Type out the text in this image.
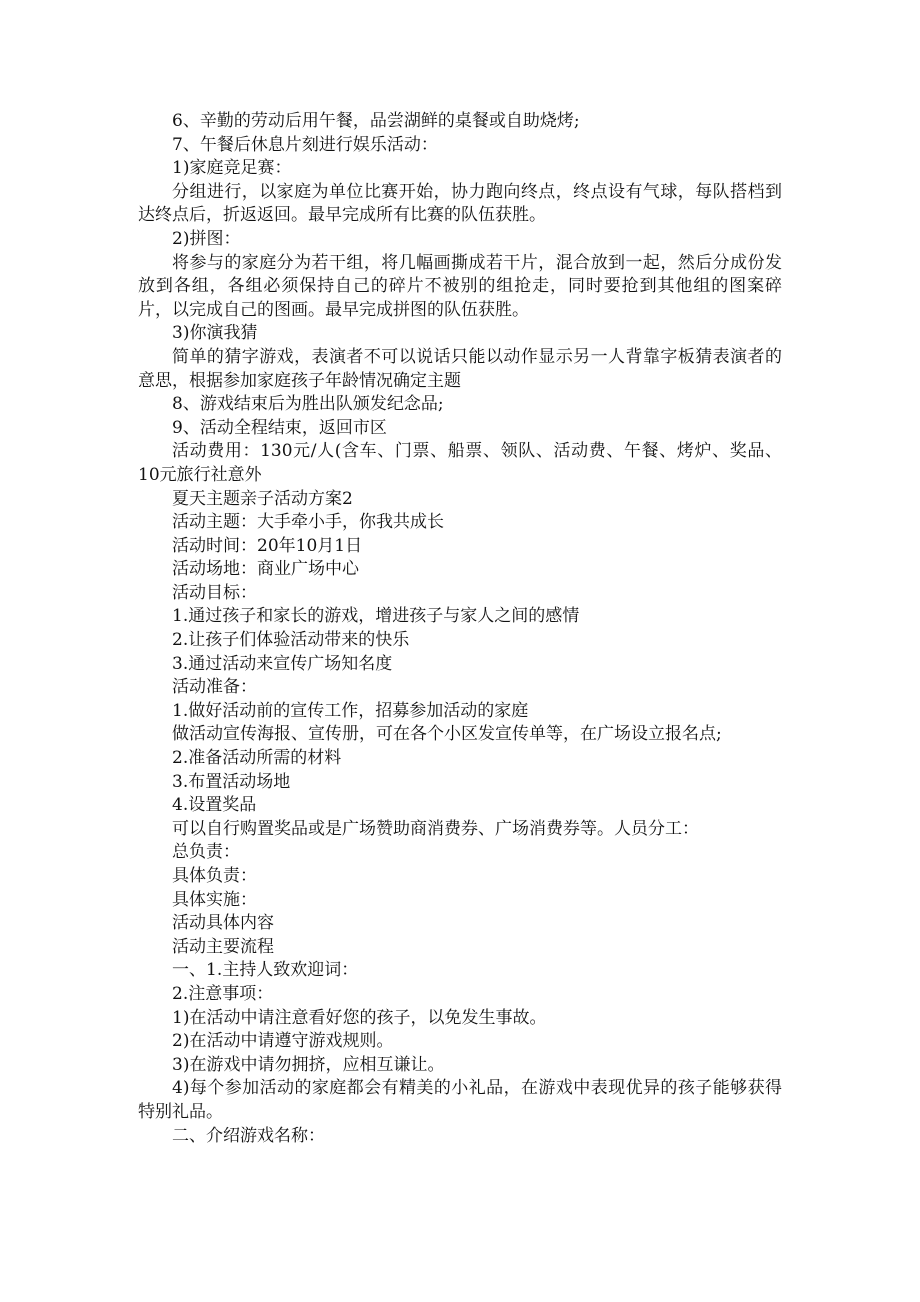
6、辛勤的劳动后用午餐，品尝湖鲜的桌餐或自助烧烤;

7、午餐后休息片刻进行娱乐活动：

1)家庭竞足赛：

分组进行，以家庭为单位比赛开始，协力跑向终点，终点设有气球，每队搭档到达终点后，折返返回。最早完成所有比赛的队伍获胜。

2)拼图：

将参与的家庭分为若干组，将几幅画撕成若干片，混合放到一起，然后分成份发放到各组，各组必须保持自己的碎片不被别的组抢走，同时要抢到其他组的图案碎片，以完成自己的图画。最早完成拼图的队伍获胜。

3)你演我猜

简单的猜字游戏，表演者不可以说话只能以动作显示另一人背靠字板猜表演者的意思，根据参加家庭孩子年龄情况确定主题

8、游戏结束后为胜出队颁发纪念品;

9、活动全程结束，返回市区

活动费用：130元/人(含车、门票、船票、领队、活动费、午餐、烤炉、奖品、10元旅行社意外

夏天主题亲子活动方案2

活动主题：大手牵小手，你我共成长

活动时间：20年10月1日

活动场地：商业广场中心

活动目标：

1.通过孩子和家长的游戏，增进孩子与家人之间的感情

2.让孩子们体验活动带来的快乐

3.通过活动来宣传广场知名度

活动准备：

1.做好活动前的宣传工作，招募参加活动的家庭

做活动宣传海报、宣传册，可在各个小区发宣传单等，在广场设立报名点;

2.准备活动所需的材料

3.布置活动场地

4.设置奖品

可以自行购置奖品或是广场赞助商消费券、广场消费券等。人员分工：

总负责：

具体负责：

具体实施：

活动具体内容

活动主要流程

一、1.主持人致欢迎词：

2.注意事项：

1)在活动中请注意看好您的孩子，以免发生事故。

2)在活动中请遵守游戏规则。

3)在游戏中请勿拥挤，应相互谦让。

4)每个参加活动的家庭都会有精美的小礼品，在游戏中表现优异的孩子能够获得特别礼品。

二、介绍游戏名称：
